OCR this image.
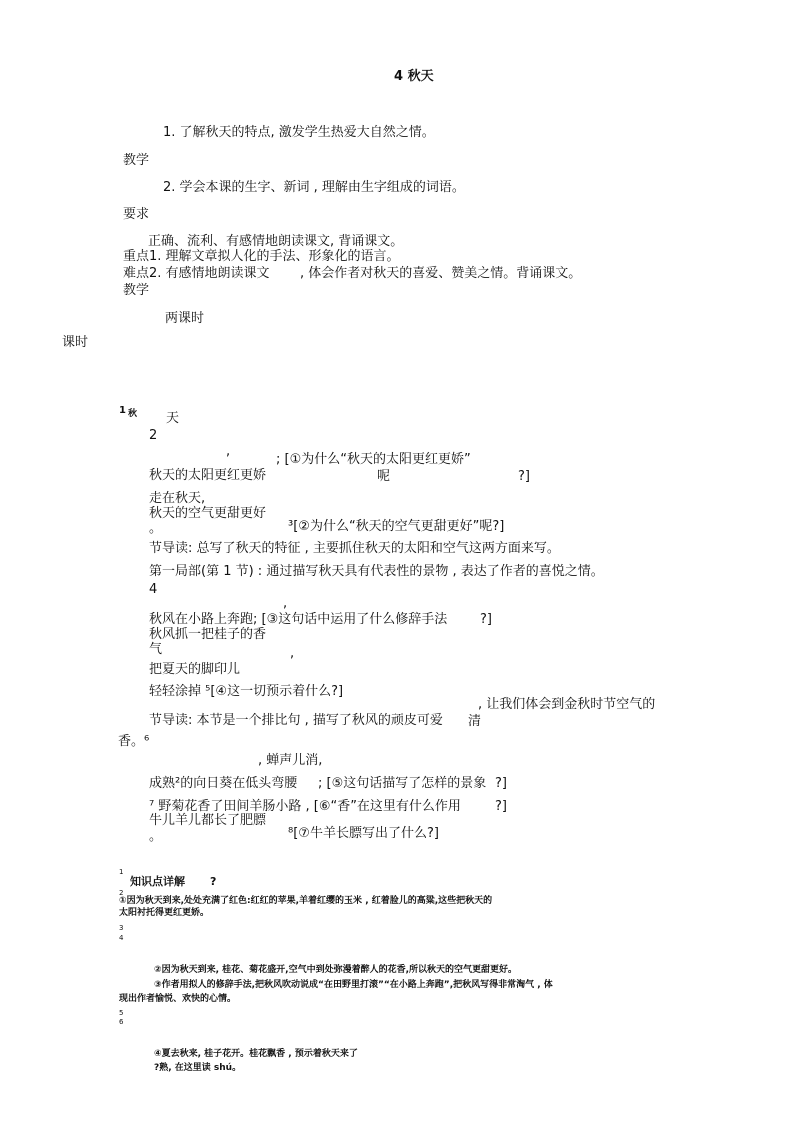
4 秋天
1. 了解秋天的特点, 激发学生热爱大自然之情。
教学
2. 学会本课的生字、新词 , 理解由生字组成的词语。
要求
正确、流利、有感情地朗读课文, 背诵课文。
重点1. 理解文章拟人化的手法、形象化的语言。
难点2. 有感情地朗读课文 , 体会作者对秋天的喜爱、赞美之情。背诵课文。
教学
两课时
课时
1 秋 天
2
,
; [①为什么“秋天的太阳更红更娇”
秋天的太阳更红更娇	呢	?]
走在秋天,
秋天的空气更甜更好
。	³[②为什么“秋天的空气更甜更好”呢?]
节导读: 总写了秋天的特征 , 主要抓住秋天的太阳和空气这两方面来写。
第一局部(第 1 节) : 通过描写秋天具有代表性的景物 , 表达了作者的喜悦之情。
4
,
秋风在小路上奔跑; [③这句话中运用了什么修辞手法	?]
秋风抓一把桂子的香
气	,
把夏天的脚印儿
轻轻涂掉 ⁵[④这一切预示着什么?]
, 让我们体会到金秋时节空气的
节导读: 本节是一个排比句 , 描写了秋风的顽皮可爱 清
香。⁶
, 蝉声儿消,
成熟²的向日葵在低头弯腰 ; [⑤这句话描写了怎样的景象 ?]
⁷ 野菊花香了田间羊肠小路 , [⑥“香”在这里有什么作用	?]
牛儿羊儿都长了肥膘
。	⁸[⑦牛羊长膘写出了什么?]
1
知识点详解 ?
2
①因为秋天到来,处处充满了红色:红红的苹果,羊着红缨的玉米 , 红着脸儿的高粱,这些把秋天的
太阳衬托得更红更娇。
3
4
②因为秋天到来, 桂花、菊花盛开,空气中到处弥漫着醉人的花香,所以秋天的空气更甜更好。
③作者用拟人的修辞手法,把秋风吹动说成“在田野里打滚”“在小路上奔跑”,把秋风写得非常淘气 , 体
现出作者愉悦、欢快的心情。
5
6
④夏去秋来, 桂子花开。桂花飘香 , 预示着秋天来了
?熟, 在这里读 shú。
